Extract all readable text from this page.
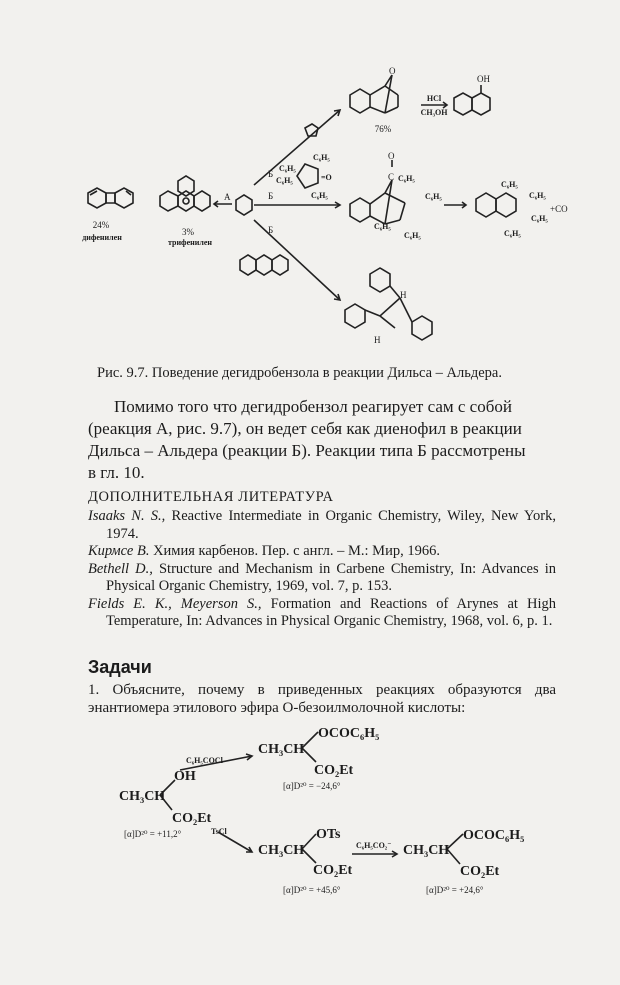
24%
дифенилен
3%
трифенилен
А
O
76%
HCl
CH₃OH
OH
Б
Б
C₆H₅
C₆H₅
C₆H₅
C₆H₅
=O
O
C C₆H₅
C₆H₅
C₆H₅
C₆H₅
C₆H₅
C₆H₅
C₆H₅
C₆H₅
+CO
Б
H
H
Рис. 9.7. Поведение дегидробензола в реакции Дильса – Альдера.
Помимо того что дегидробензол реагирует сам с собой
(реакция А, рис. 9.7), он ведет себя как диенофил в реакции
Дильса – Альдера (реакции Б). Реакции типа Б рассмотрены
в гл. 10.
ДОПОЛНИТЕЛЬНАЯ ЛИТЕРАТУРА
Isaaks N. S., Reactive Intermediate in Organic Chemistry, Wiley, New York, 1974.
Кирмсе В. Химия карбенов. Пер. с англ. – М.: Мир, 1966.
Bethell D., Structure and Mechanism in Carbene Chemistry, In: Advances in Physical Organic Chemistry, 1969, vol. 7, p. 153.
Fields E. K., Meyerson S., Formation and Reactions of Arynes at High Temperature, In: Advances in Physical Organic Chemistry, 1968, vol. 6, p. 1.
Задачи
1. Объясните, почему в приведенных реакциях образуются два энантиомера этилового эфира О-безоилмолочной кислоты:
OH
CH₃CH
CO₂Et
[α]D²⁰ = +11,2°
C₆H₅COCl
OCOC₆H₅
CH₃CH
CO₂Et
[α]D²⁰ = −24,6°
TsCl	OTs
CH₃CH
CO₂Et
[α]D²⁰ = +45,6°
C₆H₅CO₂⁻
OCOC₆H₅
CH₃CH
CO₂Et
[α]D²⁰ = +24,6°
